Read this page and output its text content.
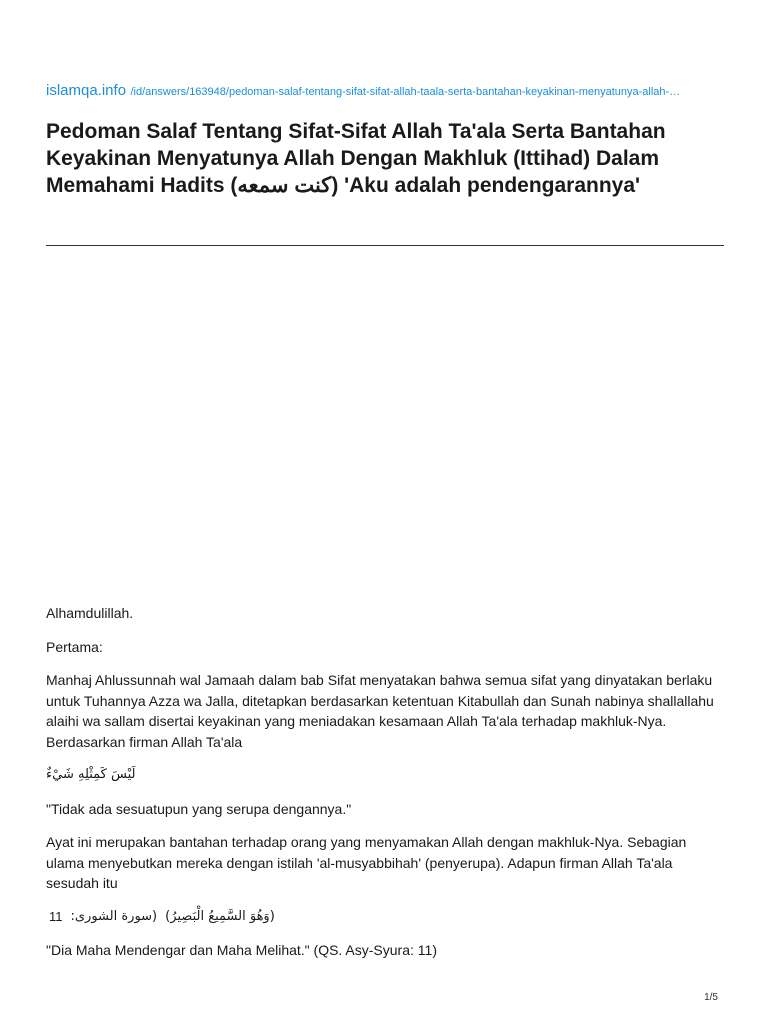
islamqa.info /id/answers/163948/pedoman-salaf-tentang-sifat-sifat-allah-taala-serta-bantahan-keyakinan-menyatunya-allah-…
Pedoman Salaf Tentang Sifat-Sifat Allah Ta'ala Serta Bantahan Keyakinan Menyatunya Allah Dengan Makhluk (Ittihad) Dalam Memahami Hadits (كنت سمعه) 'Aku adalah pendengarannya'

Alhamdulillah.

Pertama:

Manhaj Ahlussunnah wal Jamaah dalam bab Sifat menyatakan bahwa semua sifat yang dinyatakan berlaku untuk Tuhannya Azza wa Jalla, ditetapkan berdasarkan ketentuan Kitabullah dan Sunah nabinya shallallahu alaihi wa sallam disertai keyakinan yang meniadakan kesamaan Allah Ta'ala terhadap makhluk-Nya. Berdasarkan firman Allah Ta'ala

لَيْسَ كَمِثْلِهِ شَيْءٌ

"Tidak ada sesuatupun yang serupa dengannya."

Ayat ini merupakan bantahan terhadap orang yang menyamakan Allah dengan makhluk-Nya. Sebagian ulama menyebutkan mereka dengan istilah 'al-musyabbihah' (penyerupa). Adapun firman Allah Ta'ala sesudah itu

11 (سورة الشورى: (وَهُوَ السَّمِيعُ الْبَصِيرُ)

"Dia Maha Mendengar dan Maha Melihat." (QS. Asy-Syura: 11)

1/5
